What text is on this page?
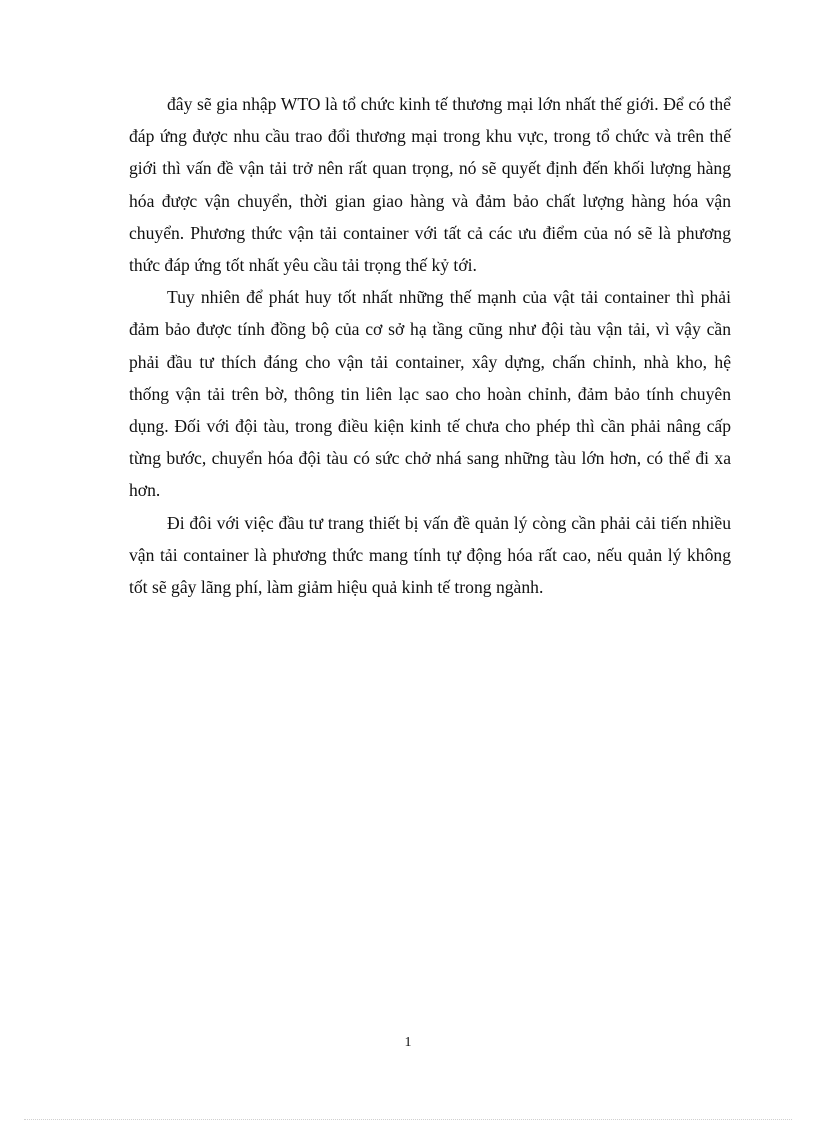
đây sẽ gia nhập WTO là tổ chức kinh tế thương mại lớn nhất thế giới. Để có thể đáp ứng được nhu cầu trao đổi thương mại trong khu vực, trong tổ chức và trên thế giới thì vấn đề vận tải trở nên rất quan trọng, nó sẽ quyết định đến khối lượng hàng hóa được vận chuyển, thời gian giao hàng và đảm bảo chất lượng hàng hóa vận chuyển. Phương thức vận tải container với tất cả các ưu điểm của nó sẽ là phương thức đáp ứng tốt nhất yêu cầu tải trọng thế kỷ tới.

Tuy nhiên để phát huy tốt nhất những thế mạnh của vật tải container thì phải đảm bảo được tính đồng bộ của cơ sở hạ tầng cũng như đội tàu vận tải, vì vậy cần phải đầu tư thích đáng cho vận tải container, xây dựng, chấn chỉnh, nhà kho, hệ thống vận tải trên bờ, thông tin liên lạc sao cho hoàn chỉnh, đảm bảo tính chuyên dụng. Đối với đội tàu, trong điều kiện kinh tế chưa cho phép thì cần phải nâng cấp từng bước, chuyển hóa đội tàu có sức chở nhá sang những tàu lớn hơn, có thể đi xa hơn.

Đi đôi với việc đầu tư trang thiết bị vấn đề quản lý còng cần phải cải tiến nhiều vận tải container là phương thức mang tính tự động hóa rất cao, nếu quản lý không tốt sẽ gây lãng phí, làm giảm hiệu quả kinh tế trong ngành.

1
